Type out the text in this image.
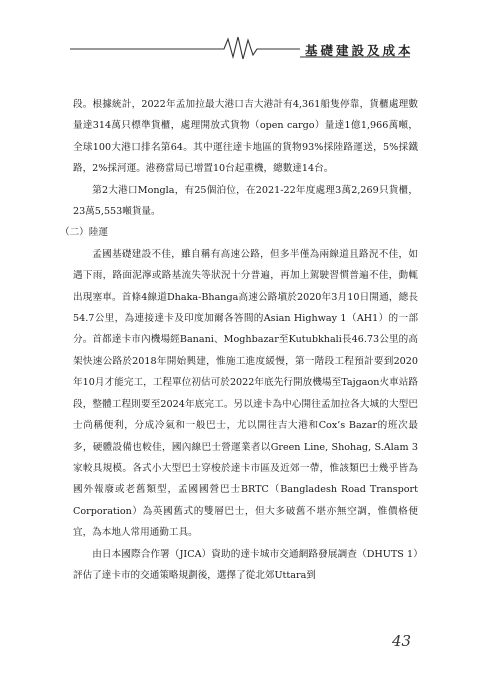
基礎建設及成本

段。根據統計，2022年孟加拉最大港口吉大港計有4,361船隻停靠，貨櫃處理數量達314萬只標準貨櫃，處理開放式貨物（open cargo）量達1億1,966萬噸，全球100大港口排名第64。其中運往達卡地區的貨物93%採陸路運送，5%採鐵路，2%採河運。港務當局已增置10台起重機，總數達14台。

第2大港口Mongla，有25個泊位，在2021-22年度處理3萬2,269只貨櫃，23萬5,553噸貨量。

（二）陸運

孟國基礎建設不佳，雖自稱有高速公路，但多半僅為兩線道且路況不佳，如遇下雨，路面泥濘或路基流失等狀況十分普遍，再加上駕駛習慣普遍不佳，動輒出現塞車。首條4線道Dhaka-Bhanga高速公路塡於2020年3月10日開通，總長54.7公里，為連接達卡及印度加爾各答間的Asian Highway 1（AH1）的一部分。首都達卡市內機場經Banani、Moghbazar至Kutubkhali長46.73公里的高架快速公路於2018年開始興建，惟施工進度緩慢，第一階段工程預計要到2020年10月才能完工，工程單位初估可於2022年底先行開放機場至Tajgaon火車站路段，整體工程則要至2024年底完工。另以達卡為中心開往孟加拉各大城的大型巴士尚稱便利，分成冷氣和一般巴士，尤以開往吉大港和Cox’s Bazar的班次最多，硬體設備也較佳，國內線巴士營運業者以Green Line, Shohag, S.Alam 3家較具規模。各式小大型巴士穿梭於達卡市區及近郊一帶，惟該類巴士幾乎皆為國外報廢或老舊類型，孟國國營巴士BRTC（Bangladesh Road Transport Corporation）為英國舊式的雙層巴士，但大多破舊不堪亦無空調，惟價格便宜，為本地人常用通勤工具。

由日本國際合作署（JICA）資助的達卡城市交通網路發展調查（DHUTS 1）評估了達卡市的交通策略規劃後，選擇了從北郊Uttara到

43
